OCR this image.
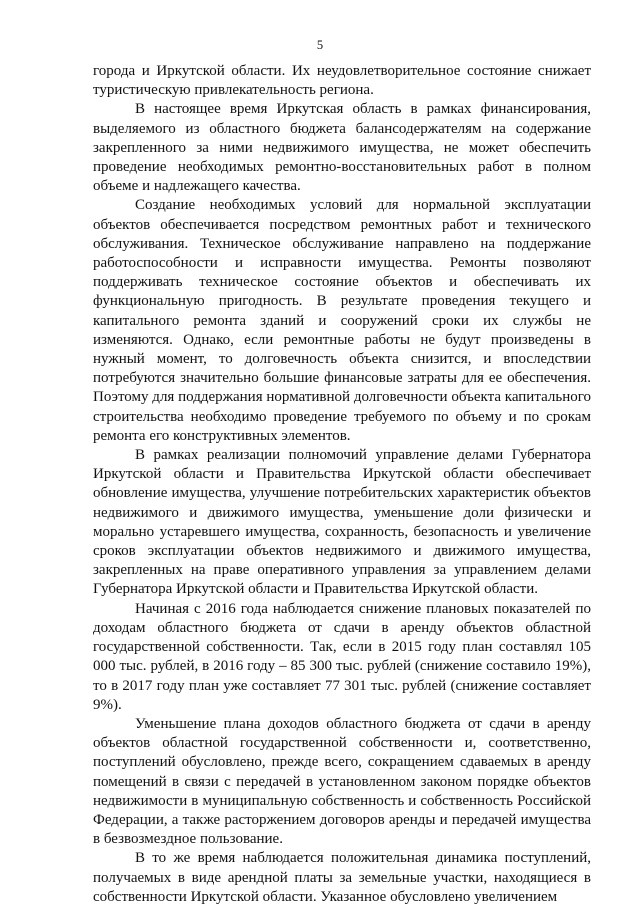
5

города и Иркутской области. Их неудовлетворительное состояние снижает туристическую привлекательность региона.

В настоящее время Иркутская область в рамках финансирования, выделяемого из областного бюджета балансодержателям на содержание закрепленного за ними недвижимого имущества, не может обеспечить проведение необходимых ремонтно-восстановительных работ в полном объеме и надлежащего качества.

Создание необходимых условий для нормальной эксплуатации объектов обеспечивается посредством ремонтных работ и технического обслуживания. Техническое обслуживание направлено на поддержание работоспособности и исправности имущества. Ремонты позволяют поддерживать техническое состояние объектов и обеспечивать их функциональную пригодность. В результате проведения текущего и капитального ремонта зданий и сооружений сроки их службы не изменяются. Однако, если ремонтные работы не будут произведены в нужный момент, то долговечность объекта снизится, и впоследствии потребуются значительно большие финансовые затраты для ее обеспечения. Поэтому для поддержания нормативной долговечности объекта капитального строительства необходимо проведение требуемого по объему и по срокам ремонта его конструктивных элементов.

В рамках реализации полномочий управление делами Губернатора Иркутской области и Правительства Иркутской области обеспечивает обновление имущества, улучшение потребительских характеристик объектов недвижимого и движимого имущества, уменьшение доли физически и морально устаревшего имущества, сохранность, безопасность и увеличение сроков эксплуатации объектов недвижимого и движимого имущества, закрепленных на праве оперативного управления за управлением делами Губернатора Иркутской области и Правительства Иркутской области.

Начиная с 2016 года наблюдается снижение плановых показателей по доходам областного бюджета от сдачи в аренду объектов областной государственной собственности. Так, если в 2015 году план составлял 105 000 тыс. рублей, в 2016 году – 85 300 тыс. рублей (снижение составило 19%), то в 2017 году план уже составляет 77 301 тыс. рублей (снижение составляет 9%).

Уменьшение плана доходов областного бюджета от сдачи в аренду объектов областной государственной собственности и, соответственно, поступлений обусловлено, прежде всего, сокращением сдаваемых в аренду помещений в связи с передачей в установленном законом порядке объектов недвижимости в муниципальную собственность и собственность Российской Федерации, а также расторжением договоров аренды и передачей имущества в безвозмездное пользование.

В то же время наблюдается положительная динамика поступлений, получаемых в виде арендной платы за земельные участки, находящиеся в собственности Иркутской области. Указанное обусловлено увеличением
